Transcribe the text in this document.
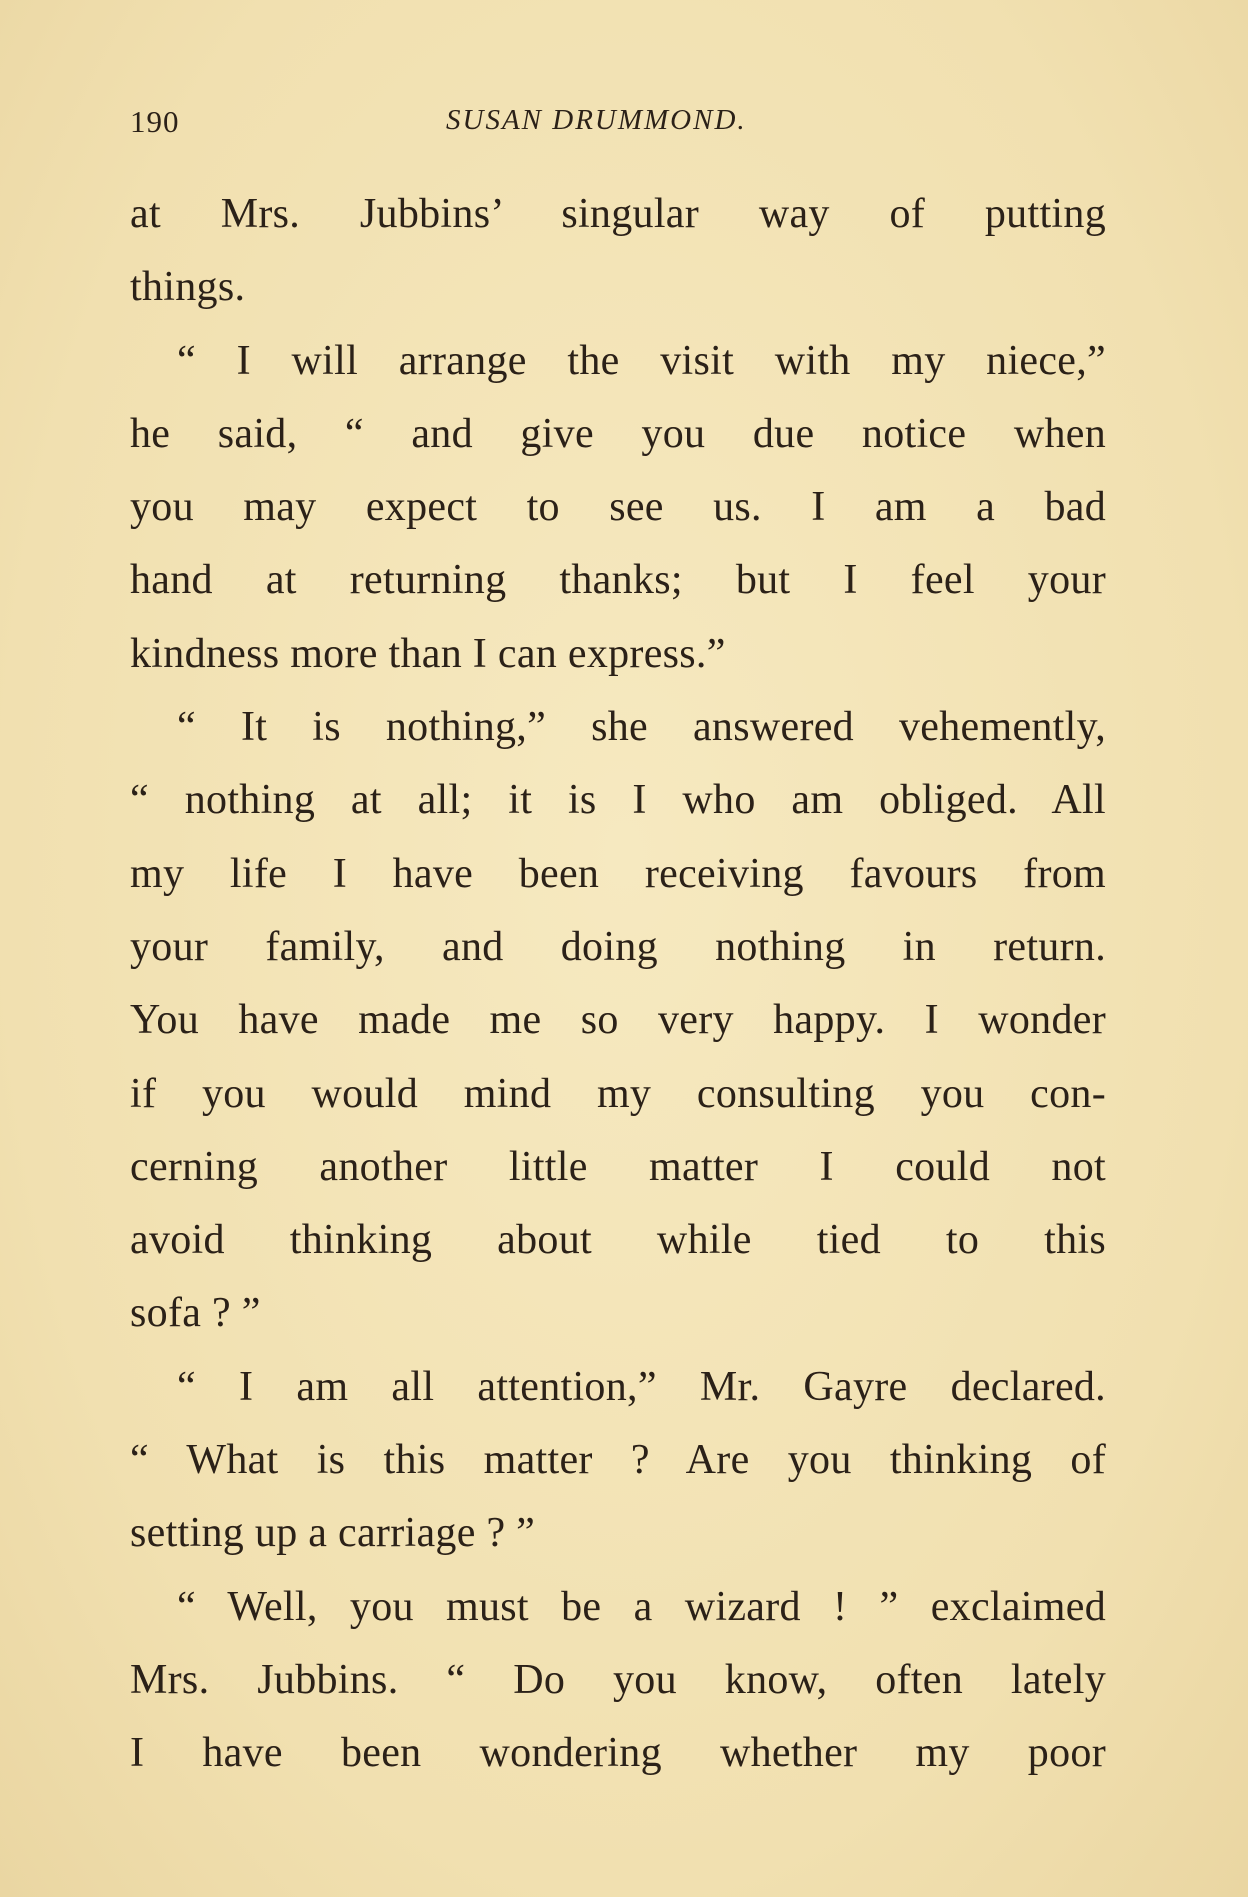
190	SUSAN DRUMMOND.
at Mrs. Jubbins’ singular way of putting
things.
“ I will arrange the visit with my niece,”
he said, “ and give you due notice when
you may expect to see us. I am a bad
hand at returning thanks; but I feel your
kindness more than I can express.”
“ It is nothing,” she answered vehemently,
“ nothing at all; it is I who am obliged. All
my life I have been receiving favours from
your family, and doing nothing in return.
You have made me so very happy. I wonder
if you would mind my consulting you con-
cerning another little matter I could not
avoid thinking about while tied to this
sofa ? ”
“ I am all attention,” Mr. Gayre declared.
“ What is this matter ? Are you thinking of
setting up a carriage ? ”
“ Well, you must be a wizard ! ” exclaimed
Mrs. Jubbins. “ Do you know, often lately
I have been wondering whether my poor
